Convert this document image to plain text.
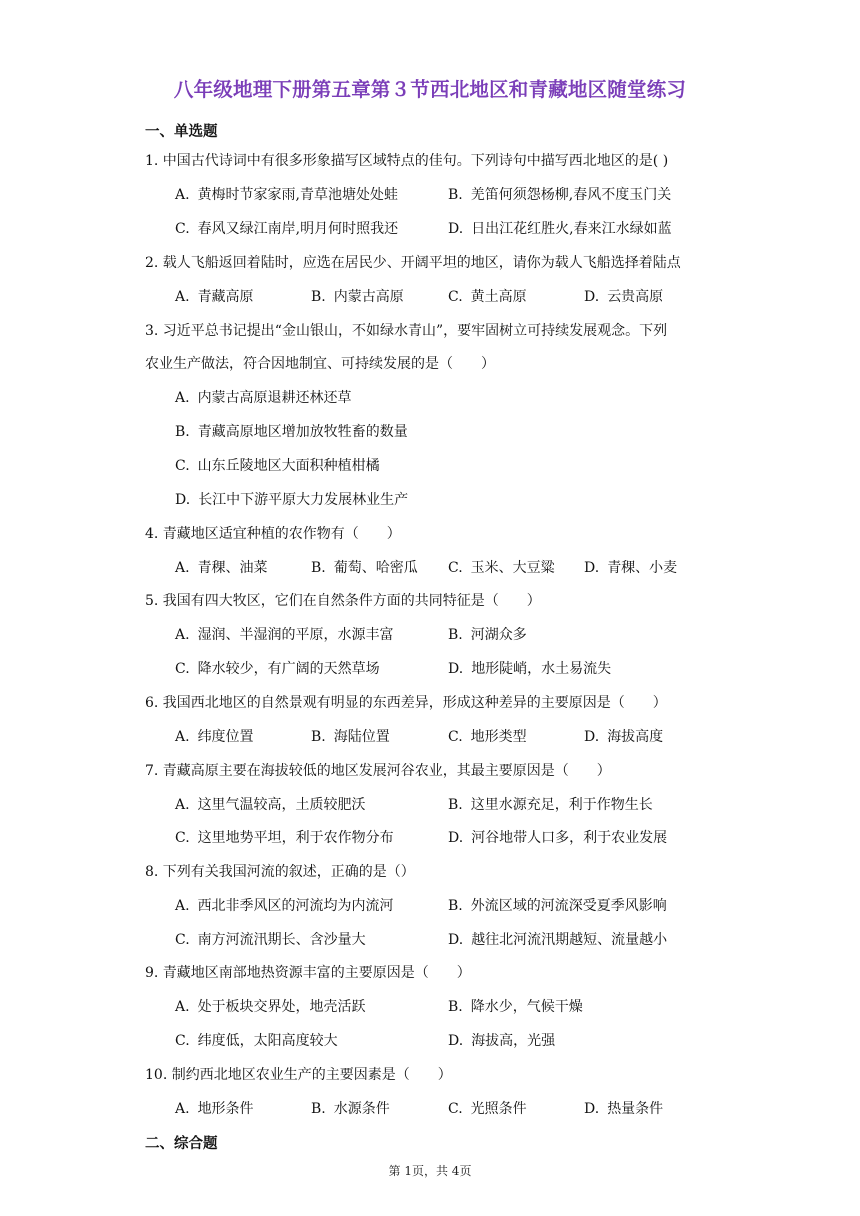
八年级地理下册第五章第３节西北地区和青藏地区随堂练习
一、单选题
1. 中国古代诗词中有很多形象描写区域特点的佳句。下列诗句中描写西北地区的是( )
A. 黄梅时节家家雨,青草池塘处处蛙	B. 羌笛何须怨杨柳,春风不度玉门关
C. 春风又绿江南岸,明月何时照我还	D. 日出江花红胜火,春来江水绿如蓝
2. 载人飞船返回着陆时，应选在居民少、开阔平坦的地区，请你为载人飞船选择着陆点
A. 青藏高原	B. 内蒙古高原	C. 黄土高原	D. 云贵高原
3. 习近平总书记提出“金山银山，不如绿水青山”，要牢固树立可持续发展观念。下列
农业生产做法，符合因地制宜、可持续发展的是（　　）
A. 内蒙古高原退耕还林还草
B. 青藏高原地区增加放牧牲畜的数量
C. 山东丘陵地区大面积种植柑橘
D. 长江中下游平原大力发展林业生产
4. 青藏地区适宜种植的农作物有（　　）
A. 青稞、油菜	B. 葡萄、哈密瓜 C. 玉米、大豆粱 D. 青稞、小麦
5. 我国有四大牧区，它们在自然条件方面的共同特征是（　　）
A. 湿润、半湿润的平原，水源丰富	B. 河湖众多
C. 降水较少，有广阔的天然草场	D. 地形陡峭，水土易流失
6. 我国西北地区的自然景观有明显的东西差异，形成这种差异的主要原因是（　　）
A. 纬度位置	B. 海陆位置	C. 地形类型	D. 海拔高度
7. 青藏高原主要在海拔较低的地区发展河谷农业，其最主要原因是（　　）
A. 这里气温较高，土质较肥沃	B. 这里水源充足，利于作物生长
C. 这里地势平坦，利于农作物分布	D. 河谷地带人口多，利于农业发展
8. 下列有关我国河流的叙述，正确的是（）
A. 西北非季风区的河流均为内流河	B. 外流区域的河流深受夏季风影响
C. 南方河流汛期长、含沙量大	D. 越往北河流汛期越短、流量越小
9. 青藏地区南部地热资源丰富的主要原因是（　　）
A. 处于板块交界处，地壳活跃	B. 降水少，气候干燥
C. 纬度低，太阳高度较大	D. 海拔高，光强
10. 制约西北地区农业生产的主要因素是（　　）
A. 地形条件	B. 水源条件	C. 光照条件	D. 热量条件
二、综合题
第 1页，共 4页
